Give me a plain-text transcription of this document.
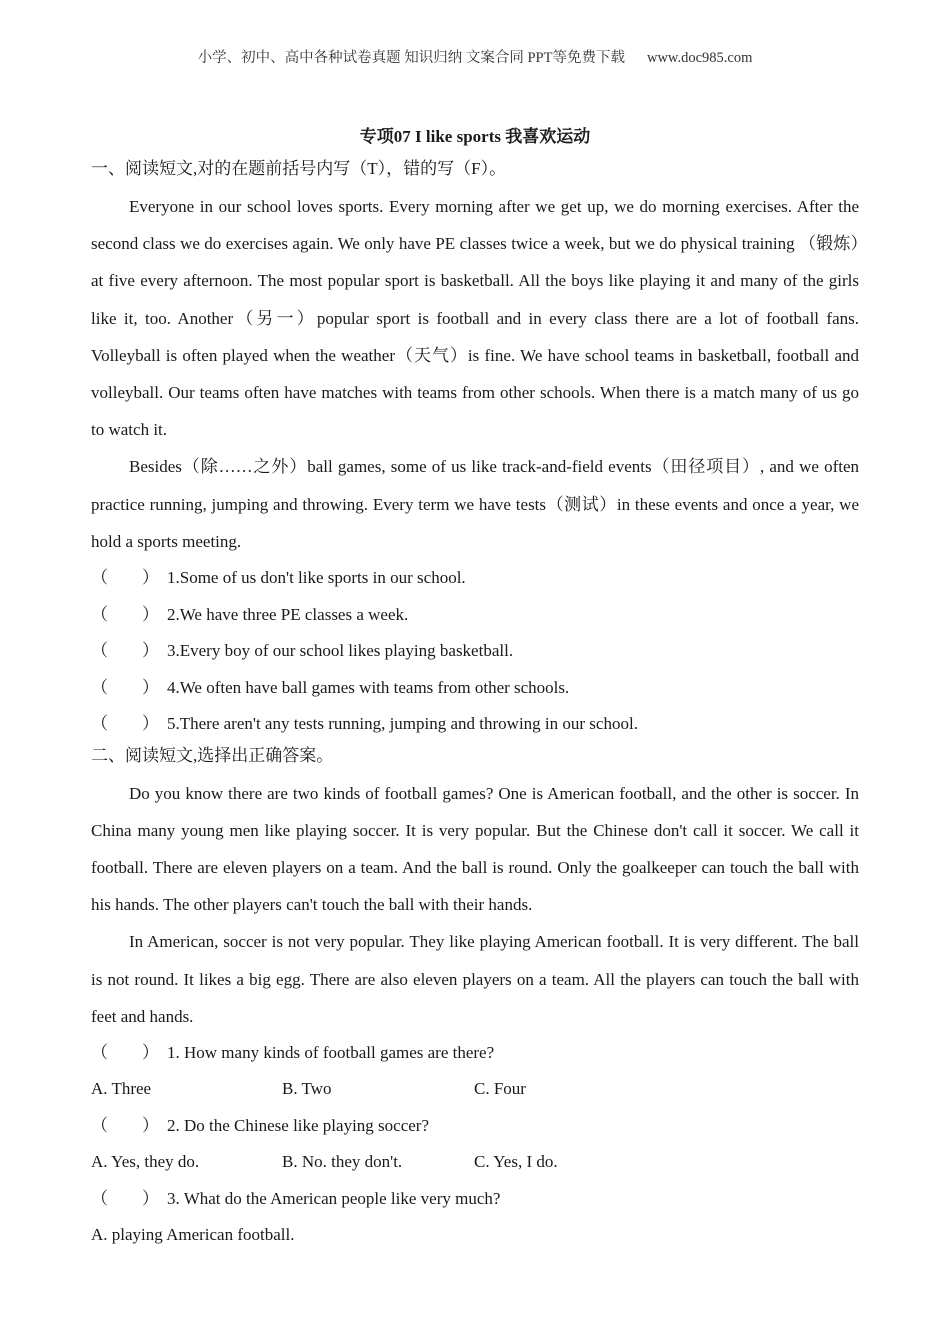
小学、初中、高中各种试卷真题 知识归纳 文案合同 PPT等免费下载 www.doc985.com
专项07 I like sports 我喜欢运动
一、阅读短文,对的在题前括号内写（T），错的写（F）。

Everyone in our school loves sports. Every morning after we get up, we do morning exercises. After the second class we do exercises again. We only have PE classes twice a week, but we do physical training （锻炼）at five every afternoon. The most popular sport is basketball. All the boys like playing it and many of the girls like it, too. Another（另一）popular sport is football and in every class there are a lot of football fans. Volleyball is often played when the weather（天气）is fine. We have school teams in basketball, football and volleyball. Our teams often have matches with teams from other schools. When there is a match many of us go to watch it.

Besides（除……之外）ball games, some of us like track-and-field events（田径项目）, and we often practice running, jumping and throwing. Every term we have tests（测试）in these events and once a year, we hold a sports meeting.

（        ） 1.Some of us don't like sports in our school.
（        ） 2.We have three PE classes a week.
（        ） 3.Every boy of our school likes playing basketball.
（        ） 4.We often have ball games with teams from other schools.
（        ） 5.There aren't any tests running, jumping and throwing in our school.
二、阅读短文,选择出正确答案。

Do you know there are two kinds of football games? One is American football, and the other is soccer. In China many young men like playing soccer. It is very popular. But the Chinese don't call it soccer. We call it football. There are eleven players on a team. And the ball is round. Only the goalkeeper can touch the ball with his hands. The other players can't touch the ball with their hands.

In American, soccer is not very popular. They like playing American football. It is very different. The ball is not round. It likes a big egg. There are also eleven players on a team. All the players can touch the ball with feet and hands.

（        ） 1. How many kinds of football games are there?
A. Three	B. Two	C. Four
（        ） 2. Do the Chinese like playing soccer?
A. Yes, they do.	B. No. they don't.	C. Yes, I do.
（        ） 3. What do the American people like very much?
A. playing American football.
